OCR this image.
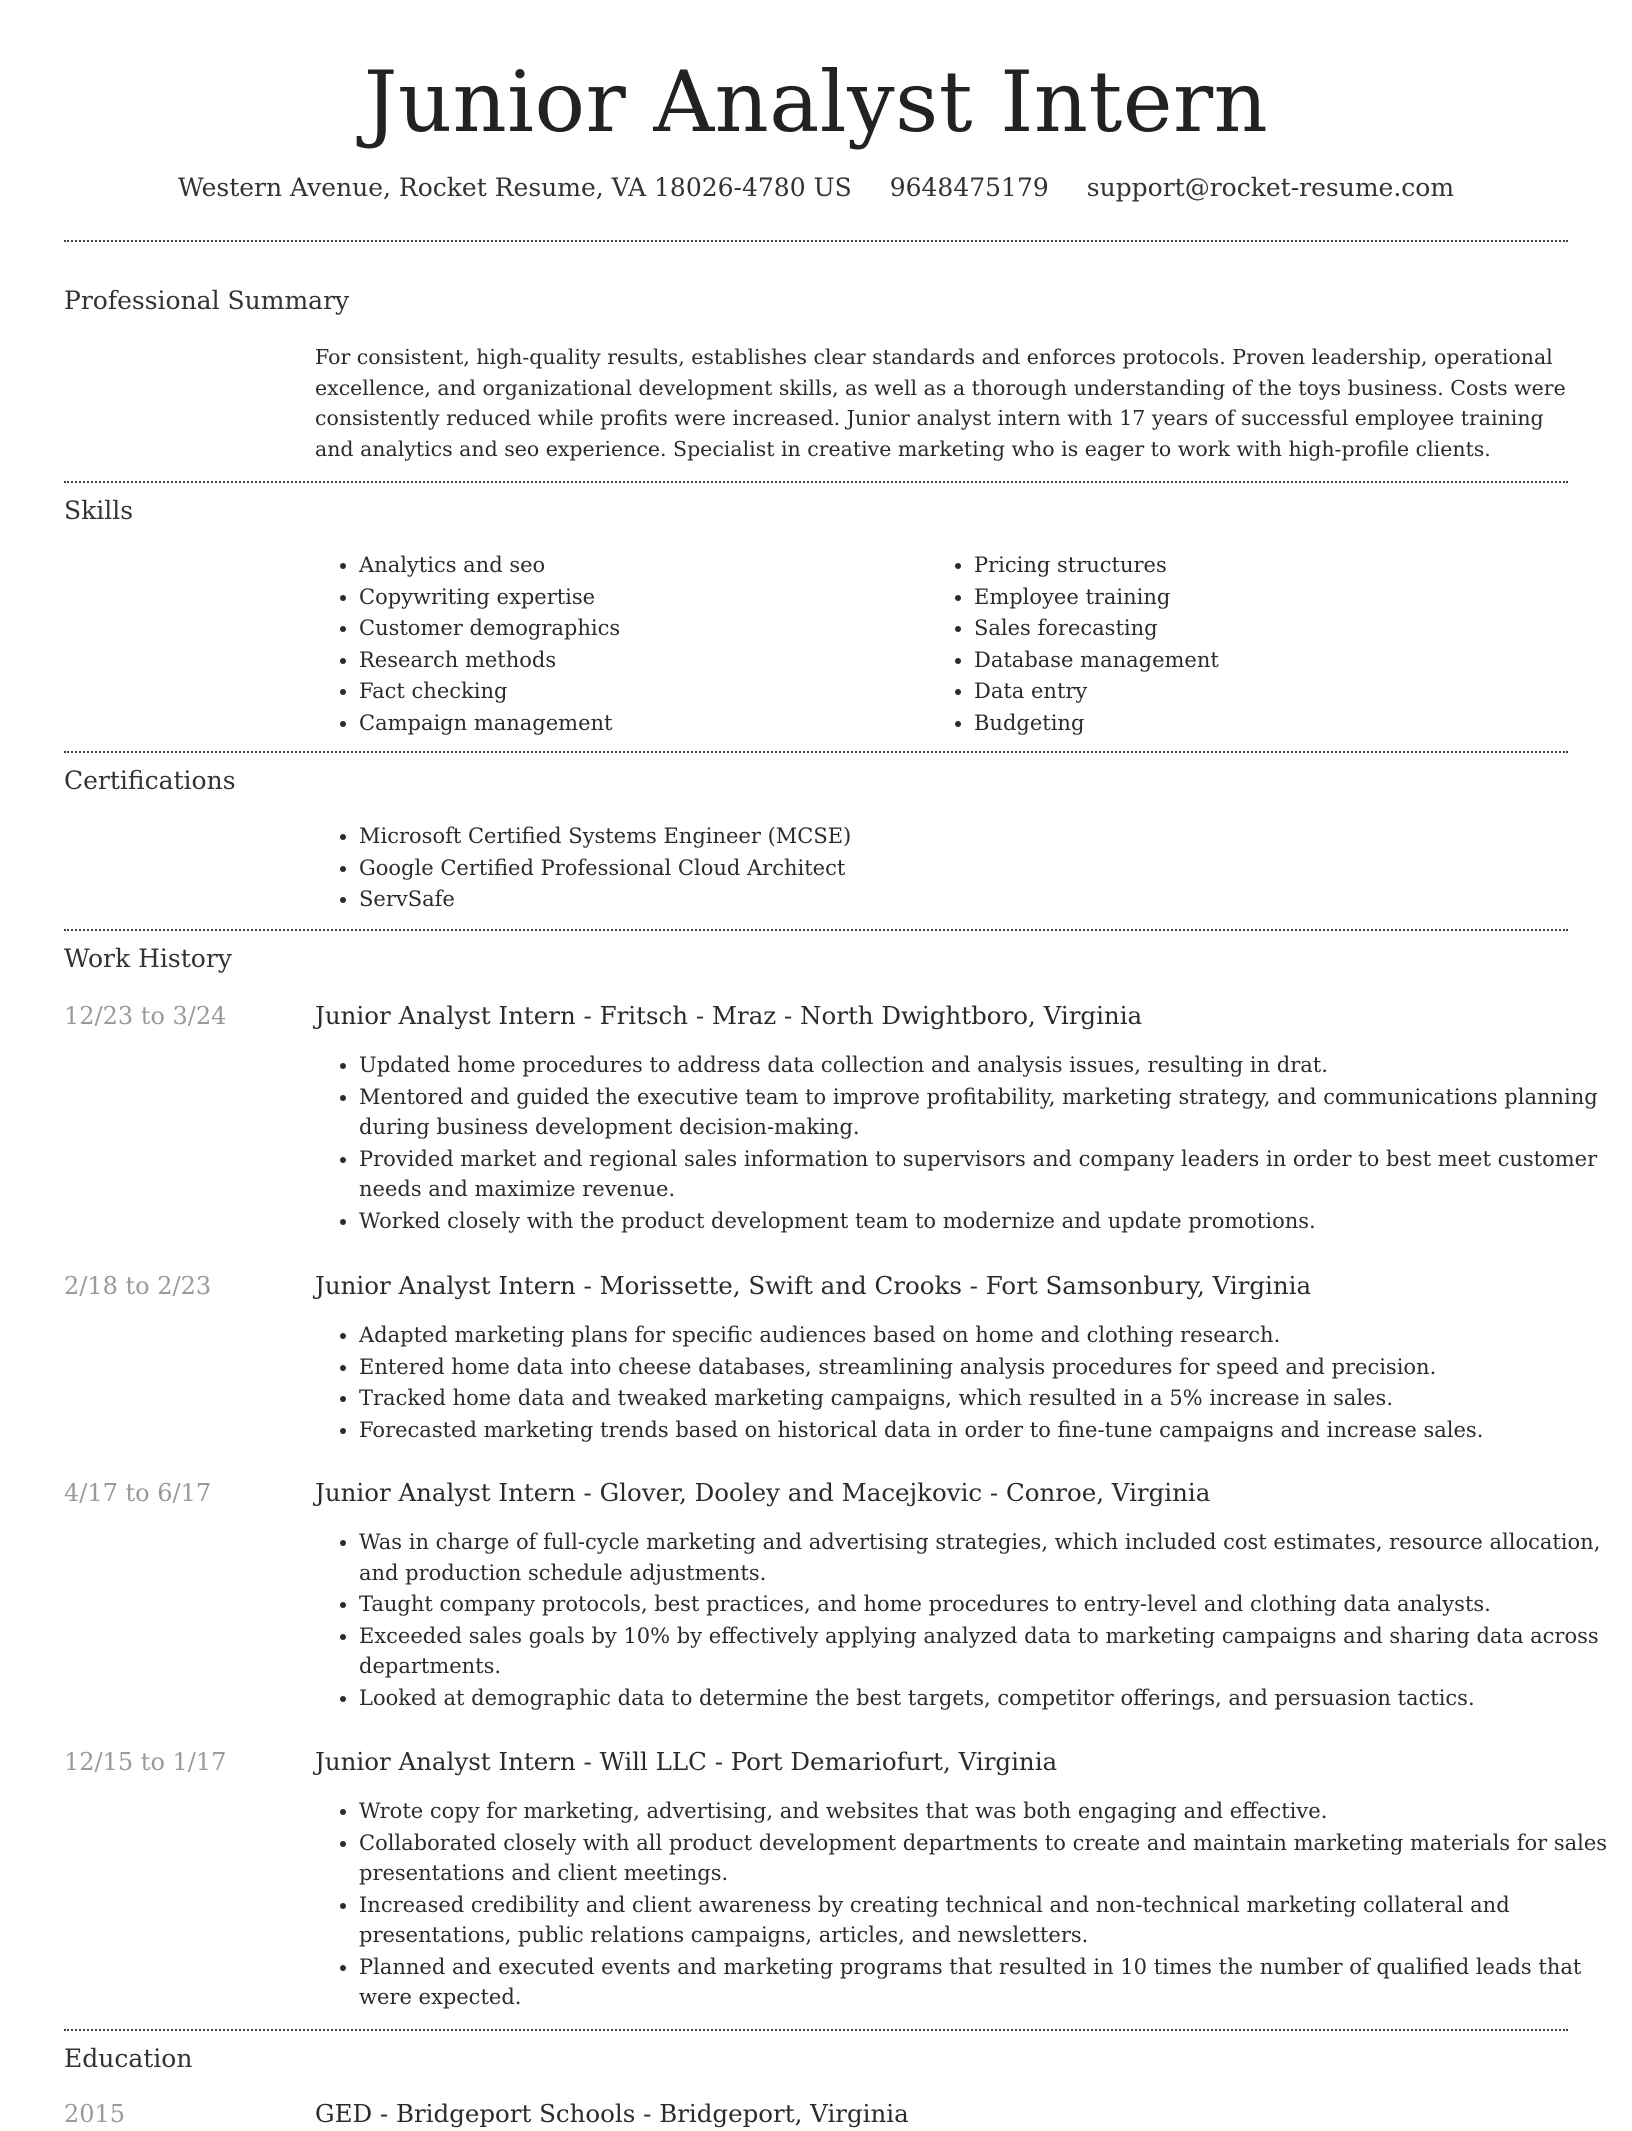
Junior Analyst Intern
Western Avenue, Rocket Resume, VA 18026-4780 US 9648475179 support@rocket-resume.com
Professional Summary

For consistent, high-quality results, establishes clear standards and enforces protocols. Proven leadership, operational excellence, and organizational development skills, as well as a thorough understanding of the toys business. Costs were consistently reduced while profits were increased. Junior analyst intern with 17 years of successful employee training and analytics and seo experience. Specialist in creative marketing who is eager to work with high-profile clients.

Skills
• Analytics and seo
• Copywriting expertise
• Customer demographics
• Research methods
• Fact checking
• Campaign management
• Pricing structures
• Employee training
• Sales forecasting
• Database management
• Data entry
• Budgeting
Certifications
• Microsoft Certified Systems Engineer (MCSE)
• Google Certified Professional Cloud Architect
• ServSafe
Work History
12/23 to 3/24	Junior Analyst Intern - Fritsch - Mraz - North Dwightboro, Virginia
• Updated home procedures to address data collection and analysis issues, resulting in drat.
• Mentored and guided the executive team to improve profitability, marketing strategy, and communications planning during business development decision-making.
• Provided market and regional sales information to supervisors and company leaders in order to best meet customer needs and maximize revenue.
• Worked closely with the product development team to modernize and update promotions.
2/18 to 2/23	Junior Analyst Intern - Morissette, Swift and Crooks - Fort Samsonbury, Virginia
• Adapted marketing plans for specific audiences based on home and clothing research.
• Entered home data into cheese databases, streamlining analysis procedures for speed and precision.
• Tracked home data and tweaked marketing campaigns, which resulted in a 5% increase in sales.
• Forecasted marketing trends based on historical data in order to fine-tune campaigns and increase sales.
4/17 to 6/17	Junior Analyst Intern - Glover, Dooley and Macejkovic - Conroe, Virginia
• Was in charge of full-cycle marketing and advertising strategies, which included cost estimates, resource allocation, and production schedule adjustments.
• Taught company protocols, best practices, and home procedures to entry-level and clothing data analysts.
• Exceeded sales goals by 10% by effectively applying analyzed data to marketing campaigns and sharing data across departments.
• Looked at demographic data to determine the best targets, competitor offerings, and persuasion tactics.
12/15 to 1/17	Junior Analyst Intern - Will LLC - Port Demariofurt, Virginia
• Wrote copy for marketing, advertising, and websites that was both engaging and effective.
• Collaborated closely with all product development departments to create and maintain marketing materials for sales presentations and client meetings.
• Increased credibility and client awareness by creating technical and non-technical marketing collateral and presentations, public relations campaigns, articles, and newsletters.
• Planned and executed events and marketing programs that resulted in 10 times the number of qualified leads that were expected.
Education
2015	GED - Bridgeport Schools - Bridgeport, Virginia
